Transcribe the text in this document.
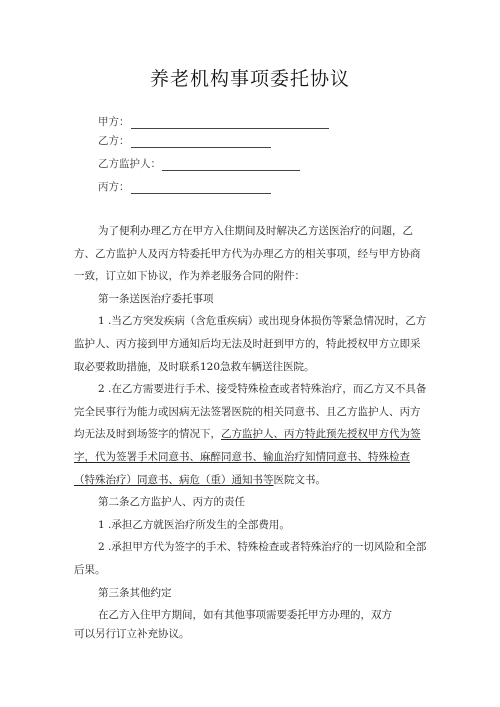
养老机构事项委托协议
甲方：
乙方：
乙方监护人：
丙方：

为了便利办理乙方在甲方入住期间及时解决乙方送医治疗的问题，乙方、乙方监护人及丙方特委托甲方代为办理乙方的相关事项，经与甲方协商一致，订立如下协议，作为养老服务合同的附件：

第一条送医治疗委托事项

1 .当乙方突发疾病（含危重疾病）或出现身体损伤等紧急情况时，乙方监护人、丙方接到甲方通知后均无法及时赶到甲方的，特此授权甲方立即采取必要救助措施，及时联系120急救车辆送往医院。

2 .在乙方需要进行手术、接受特殊检查或者特殊治疗，而乙方又不具备完全民事行为能力或因病无法签署医院的相关同意书、且乙方监护人、丙方均无法及时到场签字的情况下，乙方监护人、丙方特此预先授权甲方代为签字，代为签署手术同意书、麻醉同意书、输血治疗知情同意书、特殊检查（特殊治疗）同意书、病危（重）通知书等医院文书。

第二条乙方监护人、丙方的责任

1 .承担乙方就医治疗所发生的全部费用。

2 .承担甲方代为签字的手术、特殊检查或者特殊治疗的一切风险和全部后果。

第三条其他约定

在乙方入住甲方期间，如有其他事项需要委托甲方办理的，双方

可以另行订立补充协议。
